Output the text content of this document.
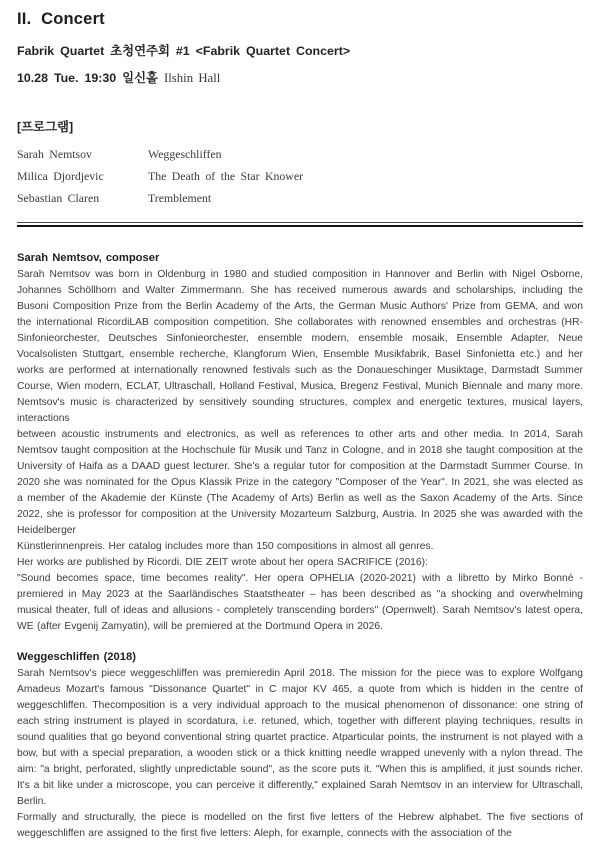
II. Concert
Fabrik Quartet 초청연주회 #1 <Fabrik Quartet Concert>
10.28 Tue. 19:30 일신홀 Ilshin Hall
[프로그램]
Sarah Nemtsov	Weggeschliffen
Milica Djordjevic	The Death of the Star Knower
Sebastian Claren	Tremblement
Sarah Nemtsov, composer

Sarah Nemtsov was born in Oldenburg in 1980 and studied composition in Hannover and Berlin with Nigel Osborne, Johannes Schöllhorn and Walter Zimmermann. She has received numerous awards and scholarships, including the Busoni Composition Prize from the Berlin Academy of the Arts, the German Music Authors' Prize from GEMA, and won the international RicordiLAB composition competition. She collaborates with renowned ensembles and orchestras (HR-Sinfonieorchester, Deutsches Sinfonieorchester, ensemble modern, ensemble mosaik, Ensemble Adapter, Neue Vocalsolisten Stuttgart, ensemble recherche, Klangforum Wien, Ensemble Musikfabrik, Basel Sinfonietta etc.) and her works are performed at internationally renowned festivals such as the Donaueschinger Musiktage, Darmstadt Summer Course, Wien modern, ECLAT, Ultraschall, Holland Festival, Musica, Bregenz Festival, Munich Biennale and many more. Nemtsov's music is characterized by sensitively sounding structures, complex and energetic textures, musical layers, interactions

between acoustic instruments and electronics, as well as references to other arts and other media. In 2014, Sarah Nemtsov taught composition at the Hochschule für Musik und Tanz in Cologne, and in 2018 she taught composition at the University of Haifa as a DAAD guest lecturer. She's a regular tutor for composition at the Darmstadt Summer Course. In 2020 she was nominated for the Opus Klassik Prize in the category "Composer of the Year". In 2021, she was elected as a member of the Akademie der Künste (The Academy of Arts) Berlin as well as the Saxon Academy of the Arts. Since 2022, she is professor for composition at the University Mozarteum Salzburg, Austria. In 2025 she was awarded with the Heidelberger

Künstlerinnenpreis. Her catalog includes more than 150 compositions in almost all genres.

Her works are published by Ricordi. DIE ZEIT wrote about her opera SACRIFICE (2016):

"Sound becomes space, time becomes reality". Her opera OPHELIA (2020-2021) with a libretto by Mirko Bonné - premiered in May 2023 at the Saarländisches Staatstheater – has been described as "a shocking and overwhelming musical theater, full of ideas and allusions - completely transcending borders" (Opernwelt). Sarah Nemtsov's latest opera, WE (after Evgenij Zamyatin), will be premiered at the Dortmund Opera in 2026.

Weggeschliffen (2018)

Sarah Nemtsov's piece weggeschliffen was premieredin April 2018. The mission for the piece was to explore Wolfgang Amadeus Mozart's famous "Dissonance Quartet" in C major KV 465, a quote from which is hidden in the centre of weggeschliffen. Thecomposition is a very individual approach to the musical phenomenon of dissonance: one string of each string instrument is played in scordatura, i.e. retuned, which, together with different playing techniques, results in sound qualities that go beyond conventional string quartet practice. Atparticular points, the instrument is not played with a bow, but with a special preparation, a wooden stick or a thick knitting needle wrapped unevenly with a nylon thread. The aim: "a bright, perforated, slightly unpredictable sound", as the score puts it. "When this is amplified, it just sounds richer. It's a bit like under a microscope, you can perceive it differently," explained Sarah Nemtsov in an interview for Ultraschall, Berlin.

Formally and structurally, the piece is modelled on the first five letters of the Hebrew alphabet. The five sections of weggeschliffen are assigned to the first five letters: Aleph, for example, connects with the association of the
